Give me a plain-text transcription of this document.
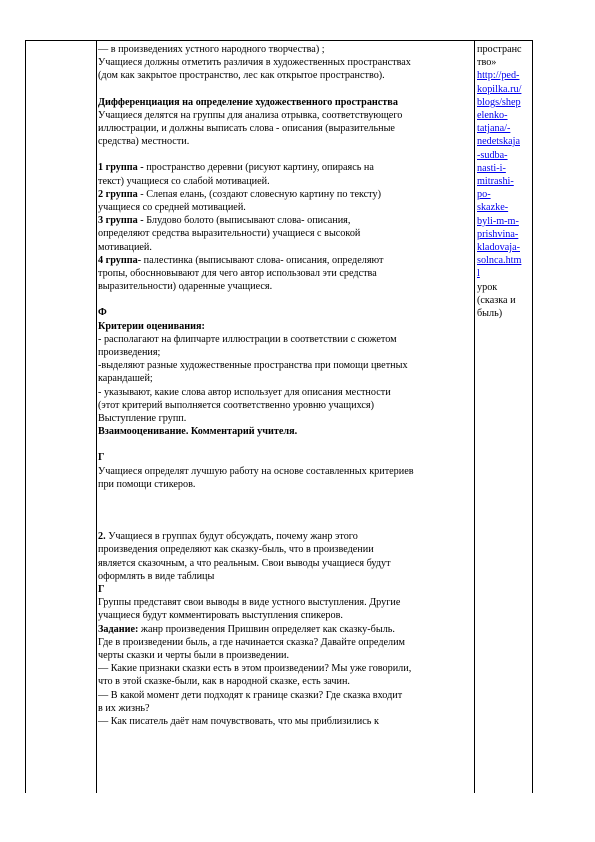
— в произведениях устного народного творчества) ;

Учащиеся должны отметить различия в художественных пространствах

(дом как закрытое пространство, лес как открытое пространство).

Дифференциация на определение художественного пространства

Учащиеся делятся на группы для анализа отрывка, соответствующего

иллюстрации, и должны выписать слова - описания (выразительные

средства) местности.

1 группа - пространство деревни (рисуют картину, опираясь на

текст) учащиеся со слабой мотивацией.

2 группа - Слепая елань, (создают словесную картину по тексту)

учащиеся со средней мотивацией.

3 группа - Блудово болото (выписывают слова- описания,

определяют средства выразительности) учащиеся с высокой

мотивацией.

4 группа- палестинка (выписывают слова- описания, определяют

тропы, обоснновывают для чего автор использовал эти средства

выразительности) одаренные учащиеся.

Ф

Критерии оценивания:

- располагают на флипчарте иллюстрации в соответствии с сюжетом

произведения;

-выделяют разные художественные пространства при помощи цветных

карандашей;

- указывают, какие слова автор использует для описания местности

(этот критерий выполняется соответственно уровню учащихся)

Выступление групп.

Взаимооценивание. Комментарий учителя.

Г

Учащиеся определят лучшую работу на основе составленных критериев

при помощи стикеров.

2. Учащиеся в группах будут обсуждать, почему жанр этого

произведения определяют как сказку-быль, что в произведении

является сказочным, а что реальным. Свои выводы учащиеся будут

оформлять в виде таблицы

Г

Группы представят свои выводы в виде устного выступления. Другие

учащиеся будут комментировать выступления спикеров.

Задание: жанр произведения Пришвин определяет как сказку-быль.

Где в произведении быль, а где начинается сказка? Давайте определим

черты сказки и черты были в произведении.

— Какие признаки сказки есть в этом произведении? Мы уже говорили,

что в этой сказке-были, как в народной сказке, есть зачин.

— В какой момент дети подходят к границе сказки? Где сказка входит

в их жизнь?

— Как писатель даёт нам почувствовать, что мы приблизились к

пространс

тво»

http://ped-

kopilka.ru/

blogs/shep

elenko-

tatjana/-

nedetskaja

-sudba-

nasti-i-

mitrashi-

po-

skazke-

byli-m-m-

prishvina-

kladovaja-

solnca.htm

l

урок

(сказка и

быль)
